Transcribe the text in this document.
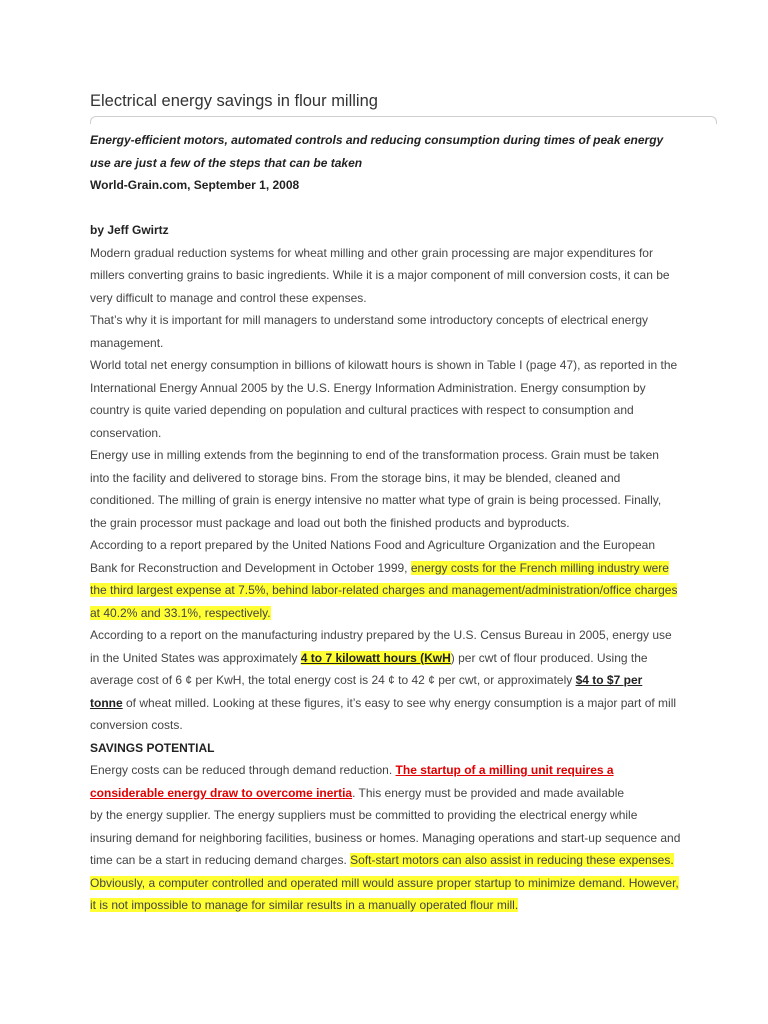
Electrical energy savings in flour milling
Energy-efficient motors, automated controls and reducing consumption during times of peak energy
use are just a few of the steps that can be taken
World-Grain.com, September 1, 2008
by Jeff Gwirtz
Modern gradual reduction systems for wheat milling and other grain processing are major expenditures for
millers converting grains to basic ingredients. While it is a major component of mill conversion costs, it can be
very difficult to manage and control these expenses.
That’s why it is important for mill managers to understand some introductory concepts of electrical energy
management.
World total net energy consumption in billions of kilowatt hours is shown in Table I (page 47), as reported in the
International Energy Annual 2005 by the U.S. Energy Information Administration. Energy consumption by
country is quite varied depending on population and cultural practices with respect to consumption and
conservation.
Energy use in milling extends from the beginning to end of the transformation process. Grain must be taken
into the facility and delivered to storage bins. From the storage bins, it may be blended, cleaned and
conditioned. The milling of grain is energy intensive no matter what type of grain is being processed. Finally,
the grain processor must package and load out both the finished products and byproducts.
According to a report prepared by the United Nations Food and Agriculture Organization and the European
Bank for Reconstruction and Development in October 1999, energy costs for the French milling industry were
the third largest expense at 7.5%, behind labor-related charges and management/administration/office charges
at 40.2% and 33.1%, respectively.
According to a report on the manufacturing industry prepared by the U.S. Census Bureau in 2005, energy use
in the United States was approximately 4 to 7 kilowatt hours (KwH) per cwt of flour produced. Using the
average cost of 6 ¢ per KwH, the total energy cost is 24 ¢ to 42 ¢ per cwt, or approximately $4 to $7 per
tonne of wheat milled. Looking at these figures, it’s easy to see why energy consumption is a major part of mill
conversion costs.
SAVINGS POTENTIAL
Energy costs can be reduced through demand reduction. The startup of a milling unit requires a
considerable energy draw to overcome inertia. This energy must be provided and made available
by the energy supplier. The energy suppliers must be committed to providing the electrical energy while
insuring demand for neighboring facilities, business or homes. Managing operations and start-up sequence and
time can be a start in reducing demand charges. Soft-start motors can also assist in reducing these expenses.
Obviously, a computer controlled and operated mill would assure proper startup to minimize demand. However,
it is not impossible to manage for similar results in a manually operated flour mill.
